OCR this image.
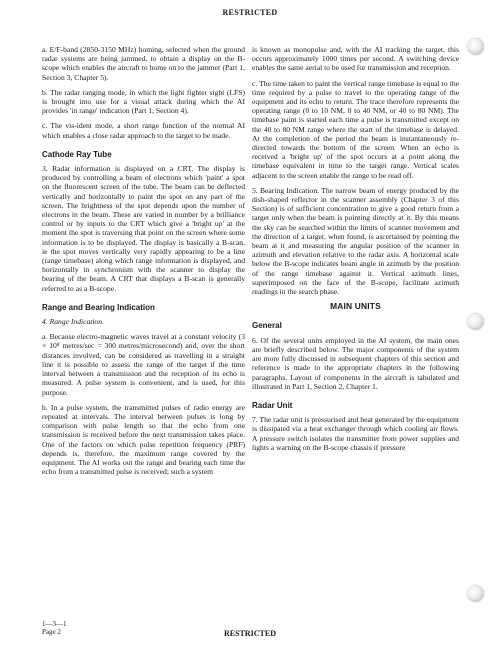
RESTRICTED

a. E/F-band (2850-3150 MHz) homing, selected when the ground radar systems are being jammed, to obtain a display on the B-scope which enables the aircraft to home on to the jammer (Part 1, Section 3, Chapter 5).

b. The radar ranging mode, in which the light fighter sight (LFS) is brought into use for a visual attack during which the AI provides 'in range' indication (Part 1, Section 4).

c. The vis-ident mode, a short range function of the normal AI which enables a close radar approach to the target to be made.

Cathode Ray Tube

3. Radar information is displayed on a CRT. The display is produced by controlling a beam of electrons which 'paint' a spot on the fluorescent screen of the tube. The beam can be deflected vertically and horizontally to paint the spot on any part of the screen. The brightness of the spot depends upon the number of electrons in the beam. These are varied in number by a brilliance control or by inputs to the CRT which give a 'bright up' at the moment the spot is traversing that point on the screen where some information is to be displayed. The display is basically a B-scan, ie the spot moves vertically very rapidly appearing to be a line (range timebase) along which range information is displayed, and horizontally in synchronism with the scanner to display the bearing of the beam. A CRT that displays a B-scan is generally referred to as a B-scope.

Range and Bearing Indication

4. Range Indication.

a. Because electro-magnetic waves travel at a constant velocity (3 × 10⁸ metres/sec = 300 metres/microsecond) and, over the short distances involved, can be considered as travelling in a straight line it is possible to assess the range of the target if the time interval between a transmission and the reception of its echo is measured. A pulse system is convenient, and is used, for this purpose.

b. In a pulse system, the transmitted pulses of radio energy are repeated at intervals. The interval between pulses is long by comparison with pulse length so that the echo from one transmission is received before the next transmission takes place. One of the factors on which pulse repetition frequency (PRF) depends is, therefore, the maximum range covered by the equipment. The AI works out the range and bearing each time the echo from a transmitted pulse is received; such a system

is known as monopulse and, with the AI tracking the target, this occurs approximately 1000 times per second. A switching device enables the same aerial to be used for transmission and reception.

c. The time taken to paint the vertical range timebase is equal to the time required by a pulse to travel to the operating range of the equipment and its echo to return. The trace therefore represents the operating range (0 to 10 NM, 0 to 40 NM, or 40 to 80 NM). The timebase paint is started each time a pulse is transmitted except on the 40 to 80 NM range where the start of the timebase is delayed. At the completion of the period the beam is instantaneously re-directed towards the bottom of the screen. When an echo is received a 'bright up' of the spot occurs at a point along the timebase equivalent in time to the target range. Vertical scales adjacent to the screen enable the range to be read off.

5. Bearing Indication. The narrow beam of energy produced by the dish-shaped reflector in the scanner assembly (Chapter 3 of this Section) is of sufficient concentration to give a good return from a target only when the beam is pointing directly at it. By this means the sky can be searched within the limits of scanner movement and the direction of a target, when found, is ascertained by pointing the beam at it and measuring the angular position of the scanner in azimuth and elevation relative to the radar axis. A horizontal scale below the B-scope indicates beam angle in azimuth by the position of the range timebase against it. Vertical azimuth lines, superimposed on the face of the B-scope, facilitate azimuth readings in the search phase.

MAIN UNITS
General

6. Of the several units employed in the AI system, the main ones are briefly described below. The major components of the system are more fully discussed in subsequent chapters of this section and reference is made to the appropriate chapters in the following paragraphs. Layout of components in the aircraft is tabulated and illustrated in Part 1, Section 2, Chapter 1.

Radar Unit

7. The radar unit is pressurised and heat generated by the equipment is dissipated via a heat exchanger through which cooling air flows. A pressure switch isolates the transmitter from power supplies and lights a warning on the B-scope chassis if pressure

1—3—1
Page 2	RESTRICTED
